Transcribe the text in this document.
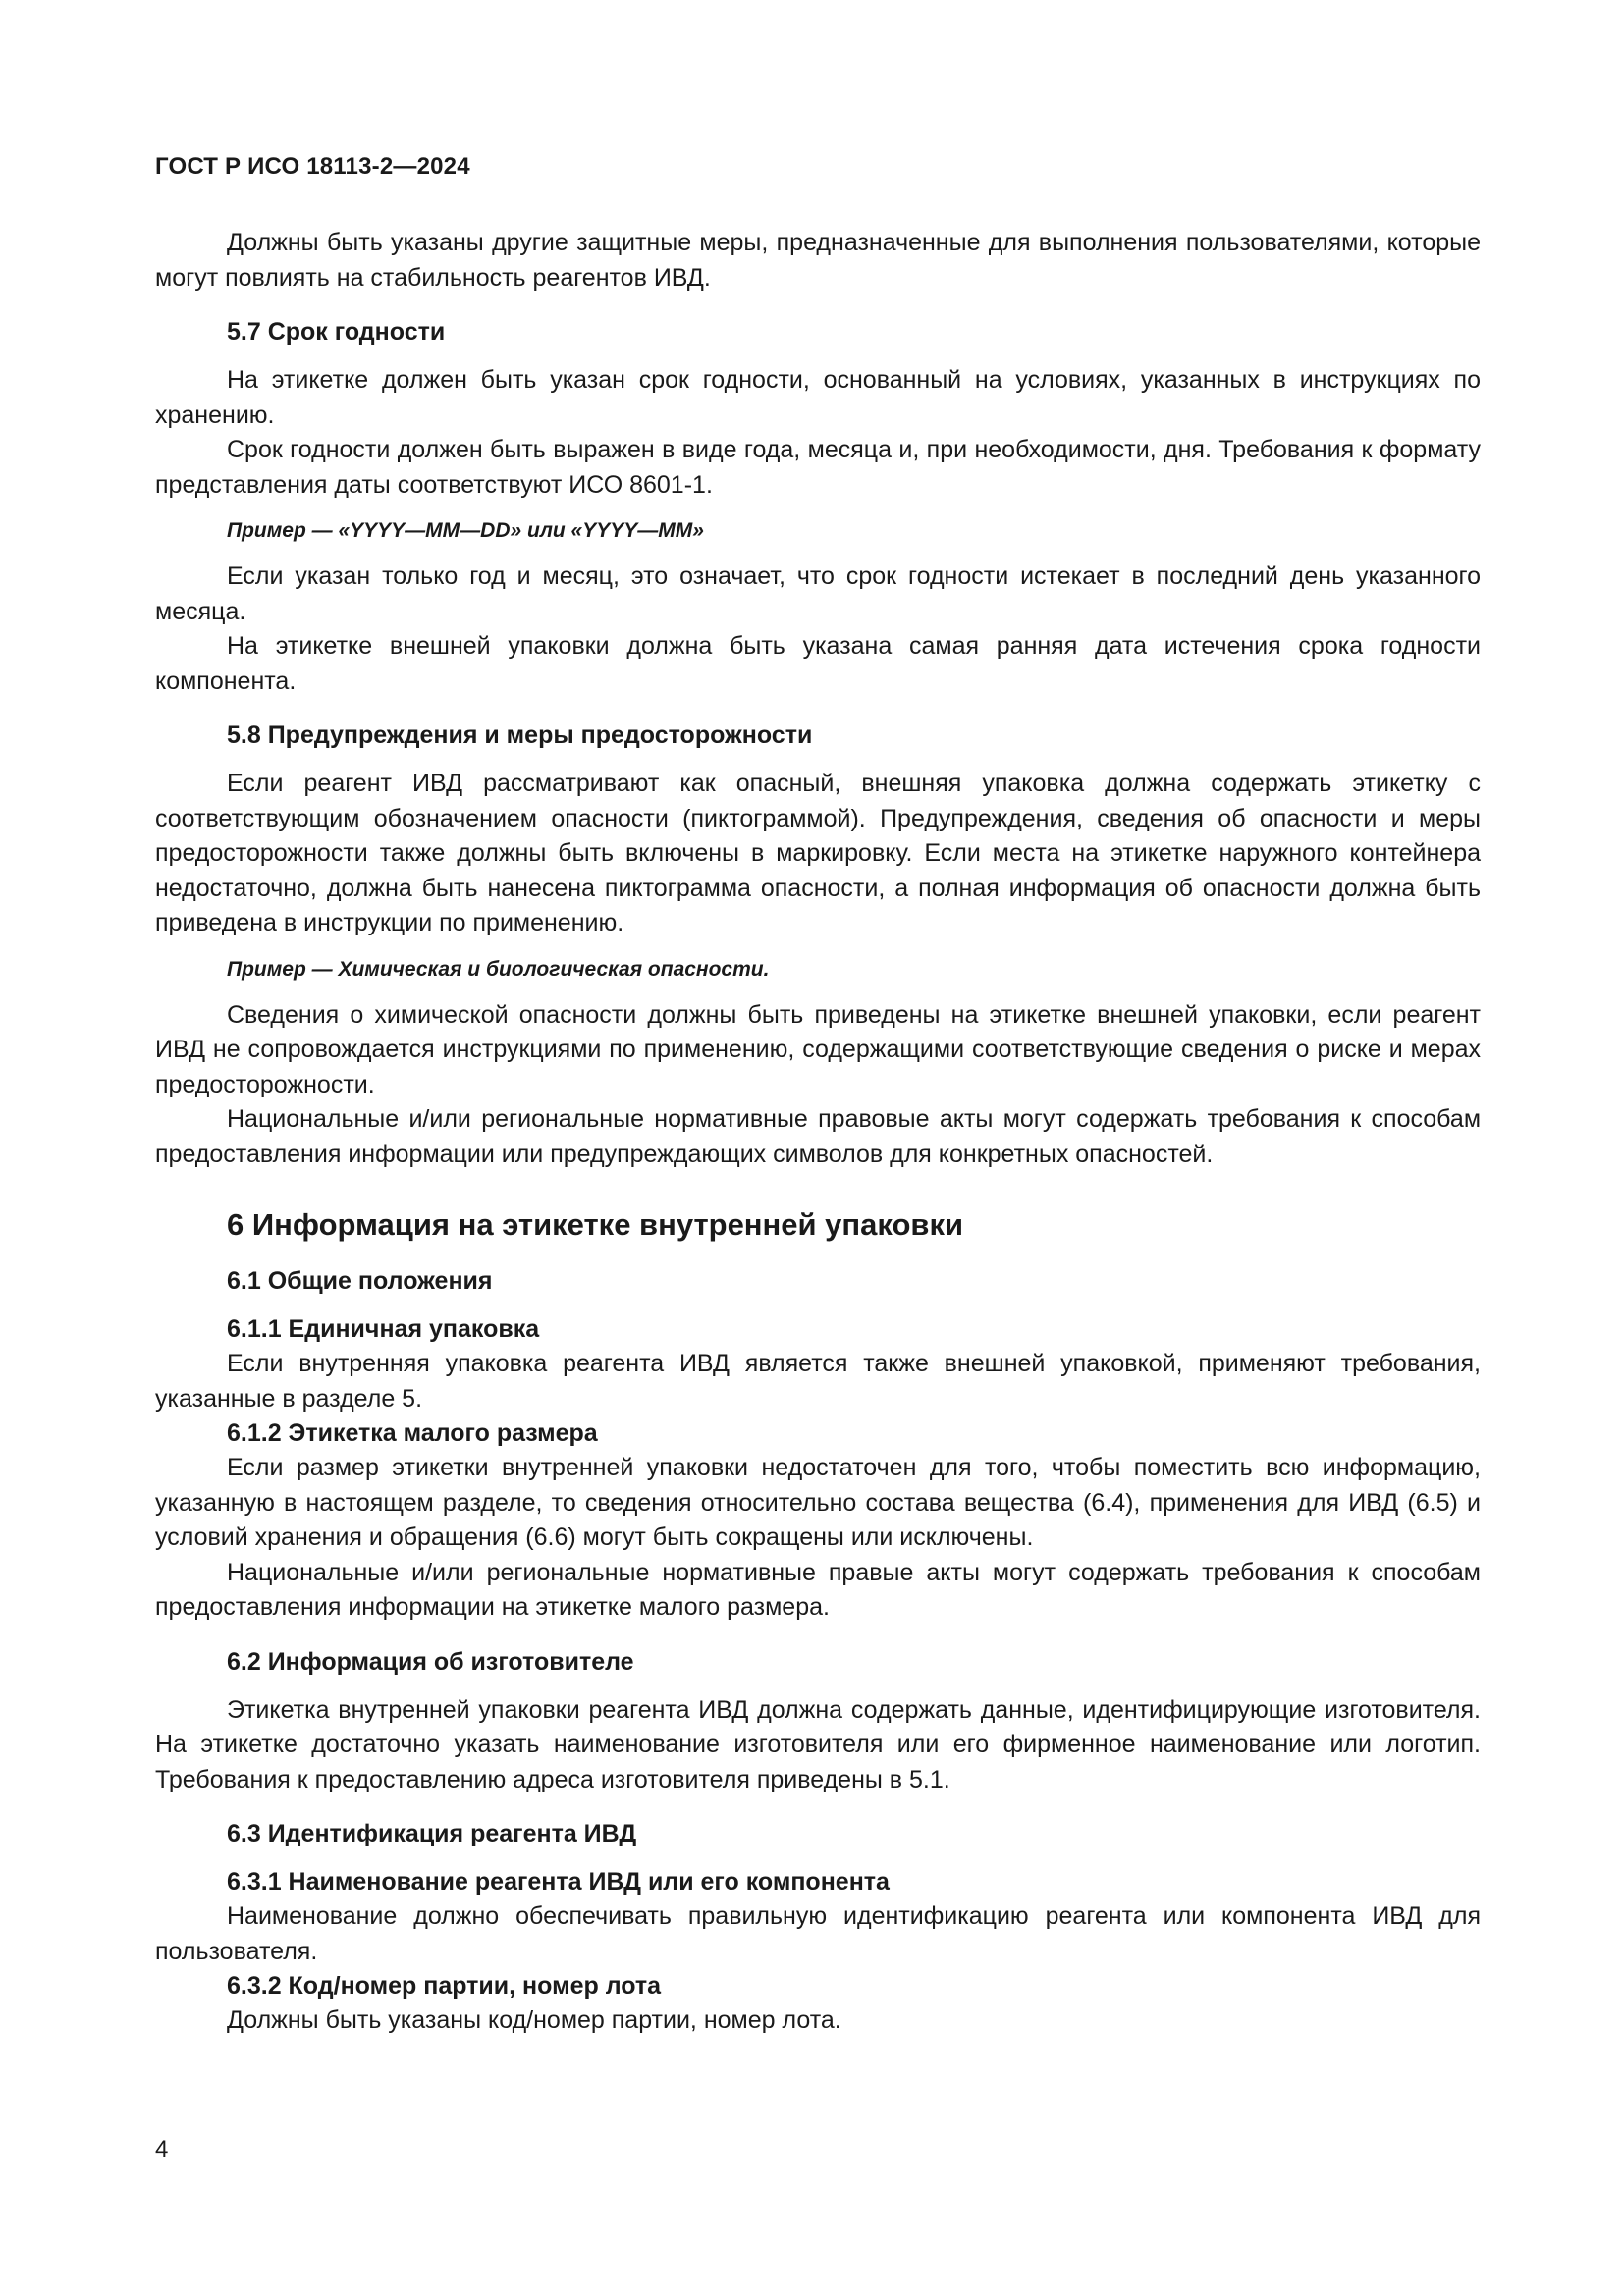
ГОСТ Р ИСО 18113-2—2024

Должны быть указаны другие защитные меры, предназначенные для выполнения пользователями, которые могут повлиять на стабильность реагентов ИВД.

5.7 Срок годности

На этикетке должен быть указан срок годности, основанный на условиях, указанных в инструкциях по хранению.

Срок годности должен быть выражен в виде года, месяца и, при необходимости, дня. Требования к формату представления даты соответствуют ИСО 8601-1.

Пример — «YYYY—MM—DD» или «YYYY—MM»

Если указан только год и месяц, это означает, что срок годности истекает в последний день указанного месяца.

На этикетке внешней упаковки должна быть указана самая ранняя дата истечения срока годности компонента.

5.8 Предупреждения и меры предосторожности

Если реагент ИВД рассматривают как опасный, внешняя упаковка должна содержать этикетку с соответствующим обозначением опасности (пиктограммой). Предупреждения, сведения об опасности и меры предосторожности также должны быть включены в маркировку. Если места на этикетке наружного контейнера недостаточно, должна быть нанесена пиктограмма опасности, а полная информация об опасности должна быть приведена в инструкции по применению.

Пример — Химическая и биологическая опасности.

Сведения о химической опасности должны быть приведены на этикетке внешней упаковки, если реагент ИВД не сопровождается инструкциями по применению, содержащими соответствующие сведения о риске и мерах предосторожности.

Национальные и/или региональные нормативные правовые акты могут содержать требования к способам предоставления информации или предупреждающих символов для конкретных опасностей.

6 Информация на этикетке внутренней упаковки
6.1 Общие положения
6.1.1 Единичная упаковка

Если внутренняя упаковка реагента ИВД является также внешней упаковкой, применяют требования, указанные в разделе 5.

6.1.2 Этикетка малого размера

Если размер этикетки внутренней упаковки недостаточен для того, чтобы поместить всю информацию, указанную в настоящем разделе, то сведения относительно состава вещества (6.4), применения для ИВД (6.5) и условий хранения и обращения (6.6) могут быть сокращены или исключены.

Национальные и/или региональные нормативные правые акты могут содержать требования к способам предоставления информации на этикетке малого размера.

6.2 Информация об изготовителе

Этикетка внутренней упаковки реагента ИВД должна содержать данные, идентифицирующие изготовителя. На этикетке достаточно указать наименование изготовителя или его фирменное наименование или логотип. Требования к предоставлению адреса изготовителя приведены в 5.1.

6.3 Идентификация реагента ИВД
6.3.1 Наименование реагента ИВД или его компонента

Наименование должно обеспечивать правильную идентификацию реагента или компонента ИВД для пользователя.

6.3.2 Код/номер партии, номер лота

Должны быть указаны код/номер партии, номер лота.

4
